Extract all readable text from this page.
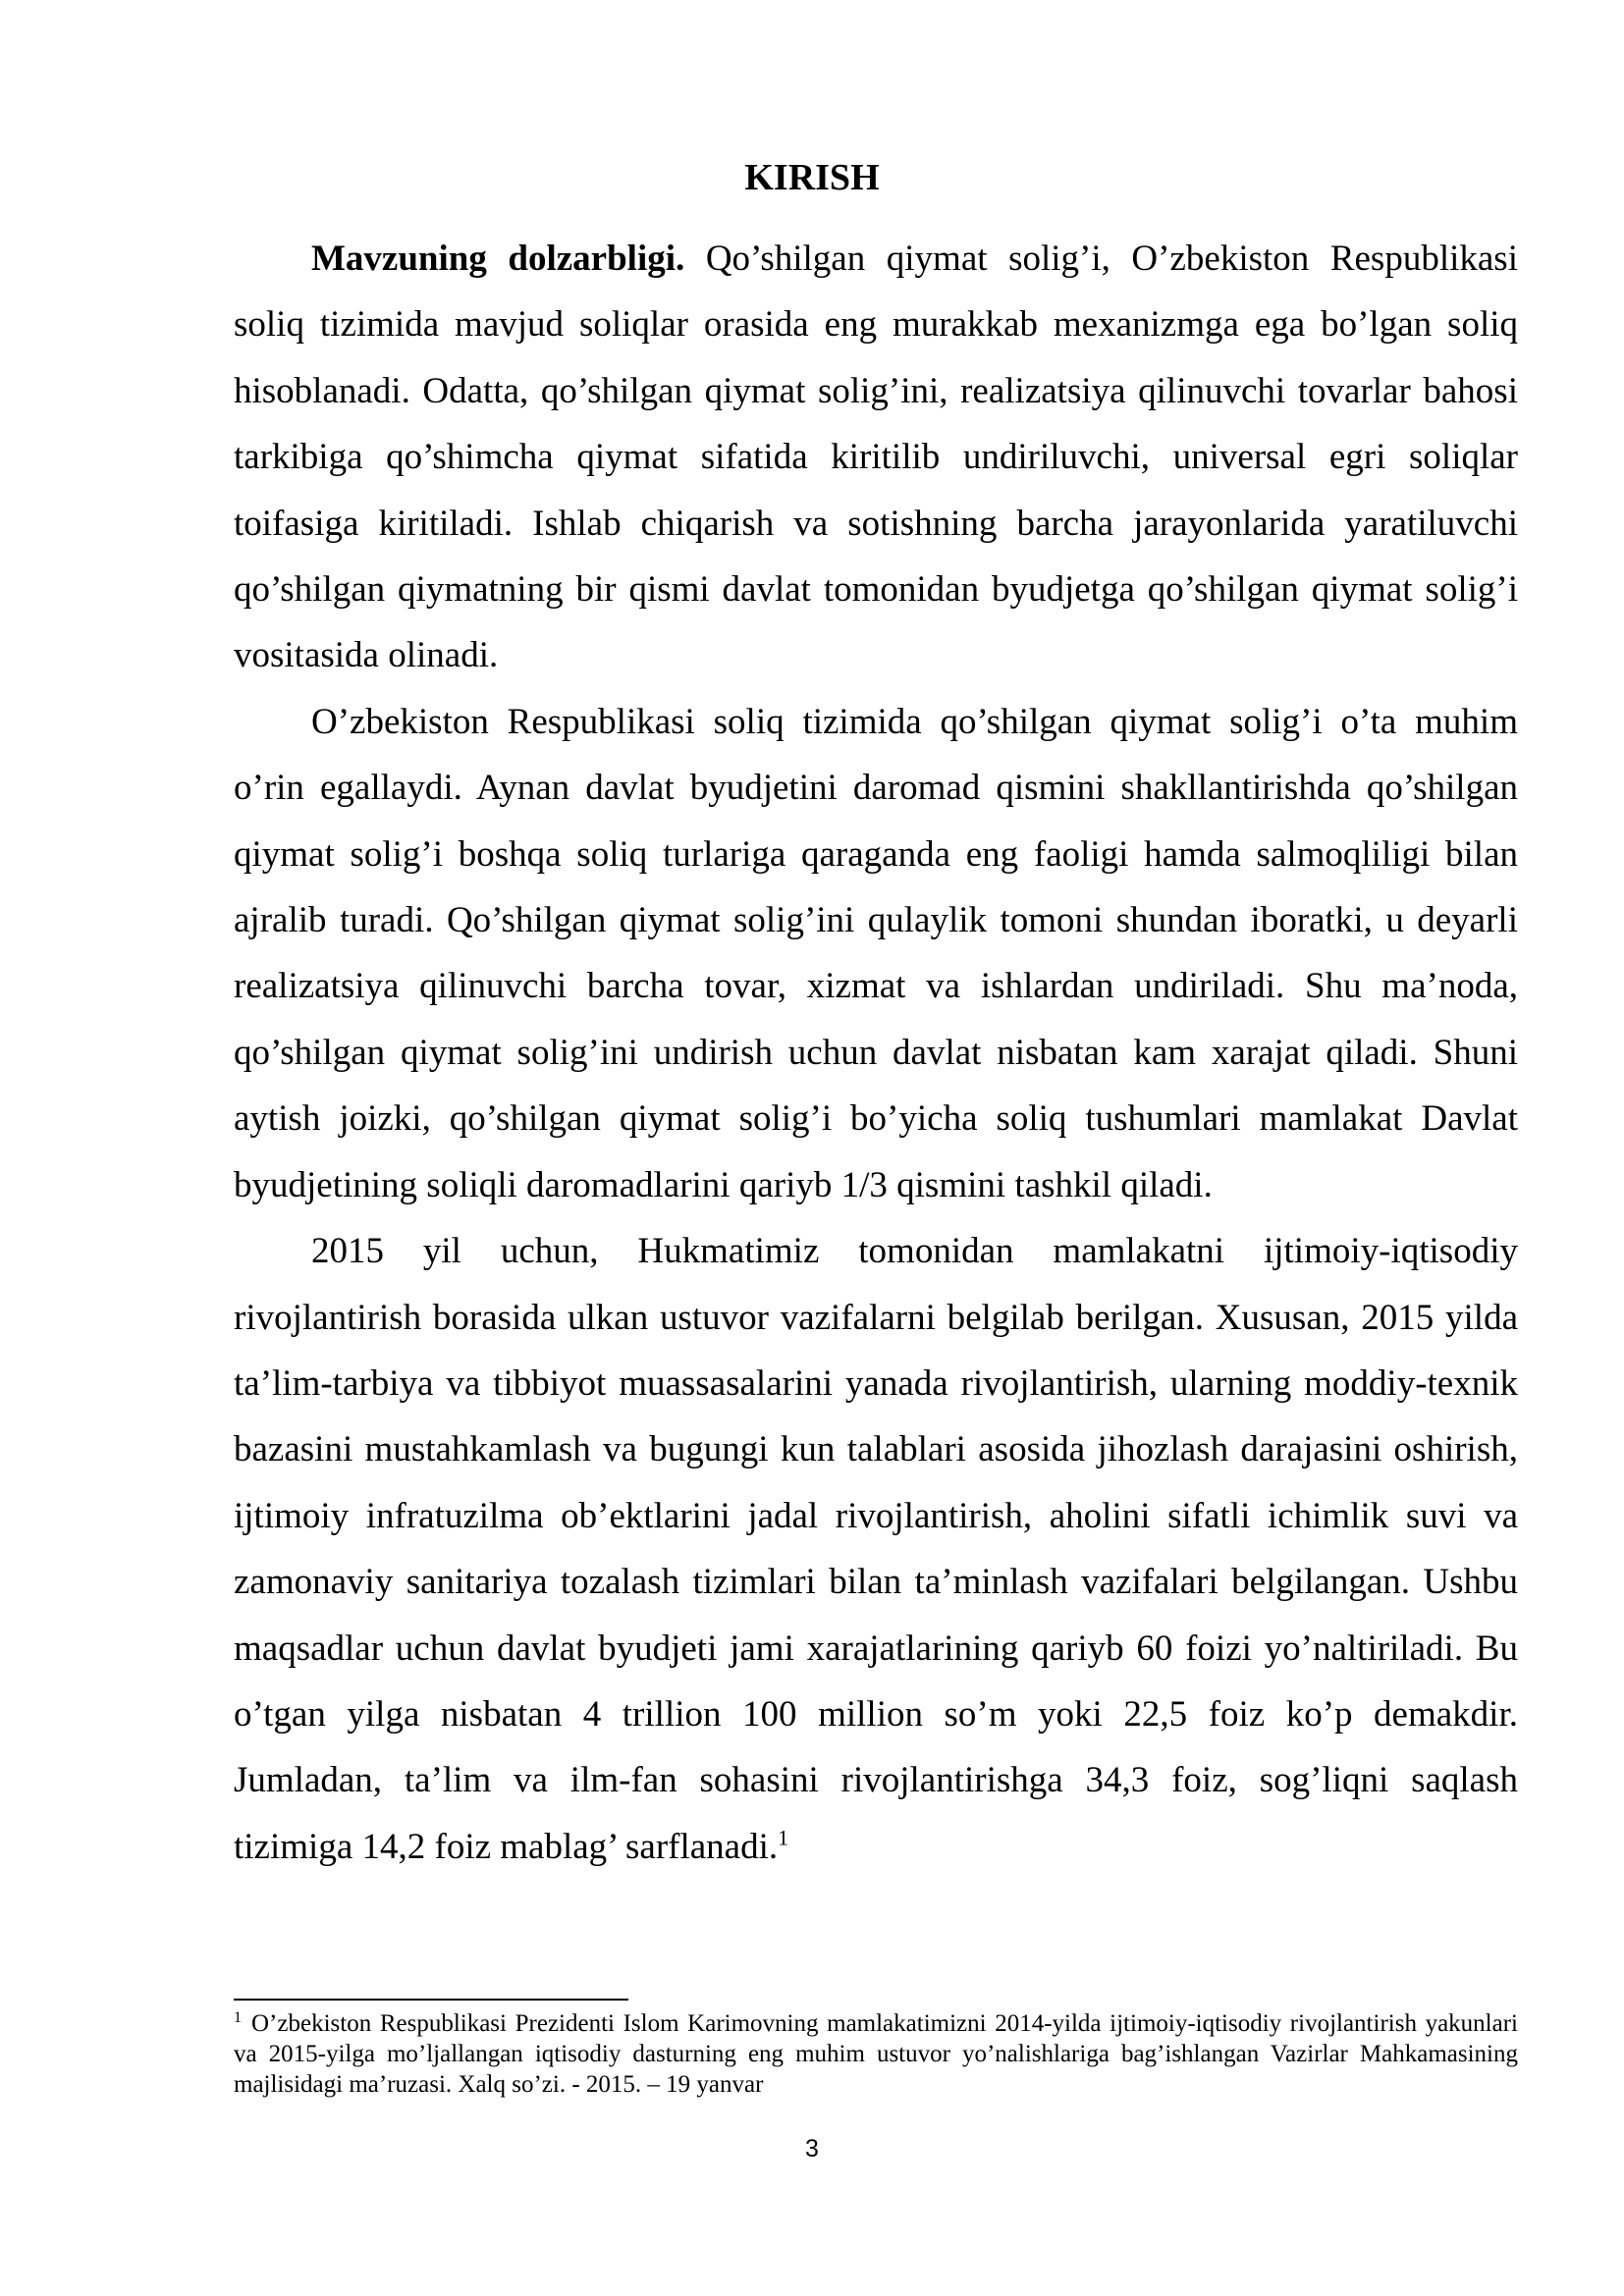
KIRISH

Mavzuning dolzarbligi. Qo’shilgan qiymat solig’i, O’zbekiston Respublikasi soliq tizimida mavjud soliqlar orasida eng murakkab mexanizmga ega bo’lgan soliq hisoblanadi. Odatta, qo’shilgan qiymat solig’ini, realizatsiya qilinuvchi tovarlar bahosi tarkibiga qo’shimcha qiymat sifatida kiritilib undiriluvchi, universal egri soliqlar toifasiga kiritiladi. Ishlab chiqarish va sotishning barcha jarayonlarida yaratiluvchi qo’shilgan qiymatning bir qismi davlat tomonidan byudjetga qo’shilgan qiymat solig’i vositasida olinadi.

O’zbekiston Respublikasi soliq tizimida qo’shilgan qiymat solig’i o’ta muhim o’rin egallaydi. Aynan davlat byudjetini daromad qismini shakllantirishda qo’shilgan qiymat solig’i boshqa soliq turlariga qaraganda eng faoligi hamda salmoqliligi bilan ajralib turadi. Qo’shilgan qiymat solig’ini qulaylik tomoni shundan iboratki, u deyarli realizatsiya qilinuvchi barcha tovar, xizmat va ishlardan undiriladi. Shu ma’noda, qo’shilgan qiymat solig’ini undirish uchun davlat nisbatan kam xarajat qiladi. Shuni aytish joizki, qo’shilgan qiymat solig’i bo’yicha soliq tushumlari mamlakat Davlat byudjetining soliqli daromadlarini qariyb 1/3 qismini tashkil qiladi.

2015 yil uchun, Hukmatimiz tomonidan mamlakatni ijtimoiy-iqtisodiy rivojlantirish borasida ulkan ustuvor vazifalarni belgilab berilgan. Xususan, 2015 yilda ta’lim-tarbiya va tibbiyot muassasalarini yanada rivojlantirish, ularning moddiy-texnik bazasini mustahkamlash va bugungi kun talablari asosida jihozlash darajasini oshirish, ijtimoiy infratuzilma ob’ektlarini jadal rivojlantirish, aholini sifatli ichimlik suvi va zamonaviy sanitariya tozalash tizimlari bilan ta’minlash vazifalari belgilangan. Ushbu maqsadlar uchun davlat byudjeti jami xarajatlarining qariyb 60 foizi yo’naltiriladi. Bu o’tgan yilga nisbatan 4 trillion 100 million so’m yoki 22,5 foiz ko’p demakdir. Jumladan, ta’lim va ilm-fan sohasini rivojlantirishga 34,3 foiz, sog’liqni saqlash tizimiga 14,2 foiz mablag’ sarflanadi.$^1$

$^1$ O’zbekiston Respublikasi Prezidenti Islom Karimovning mamlakatimizni 2014-yilda ijtimoiy-iqtisodiy rivojlantirish yakunlari va 2015-yilga mo’ljallangan iqtisodiy dasturning eng muhim ustuvor yo’nalishlariga bag’ishlangan Vazirlar Mahkamasining majlisidagi ma’ruzasi. Xalq so’zi. - 2015. – 19 yanvar

3
